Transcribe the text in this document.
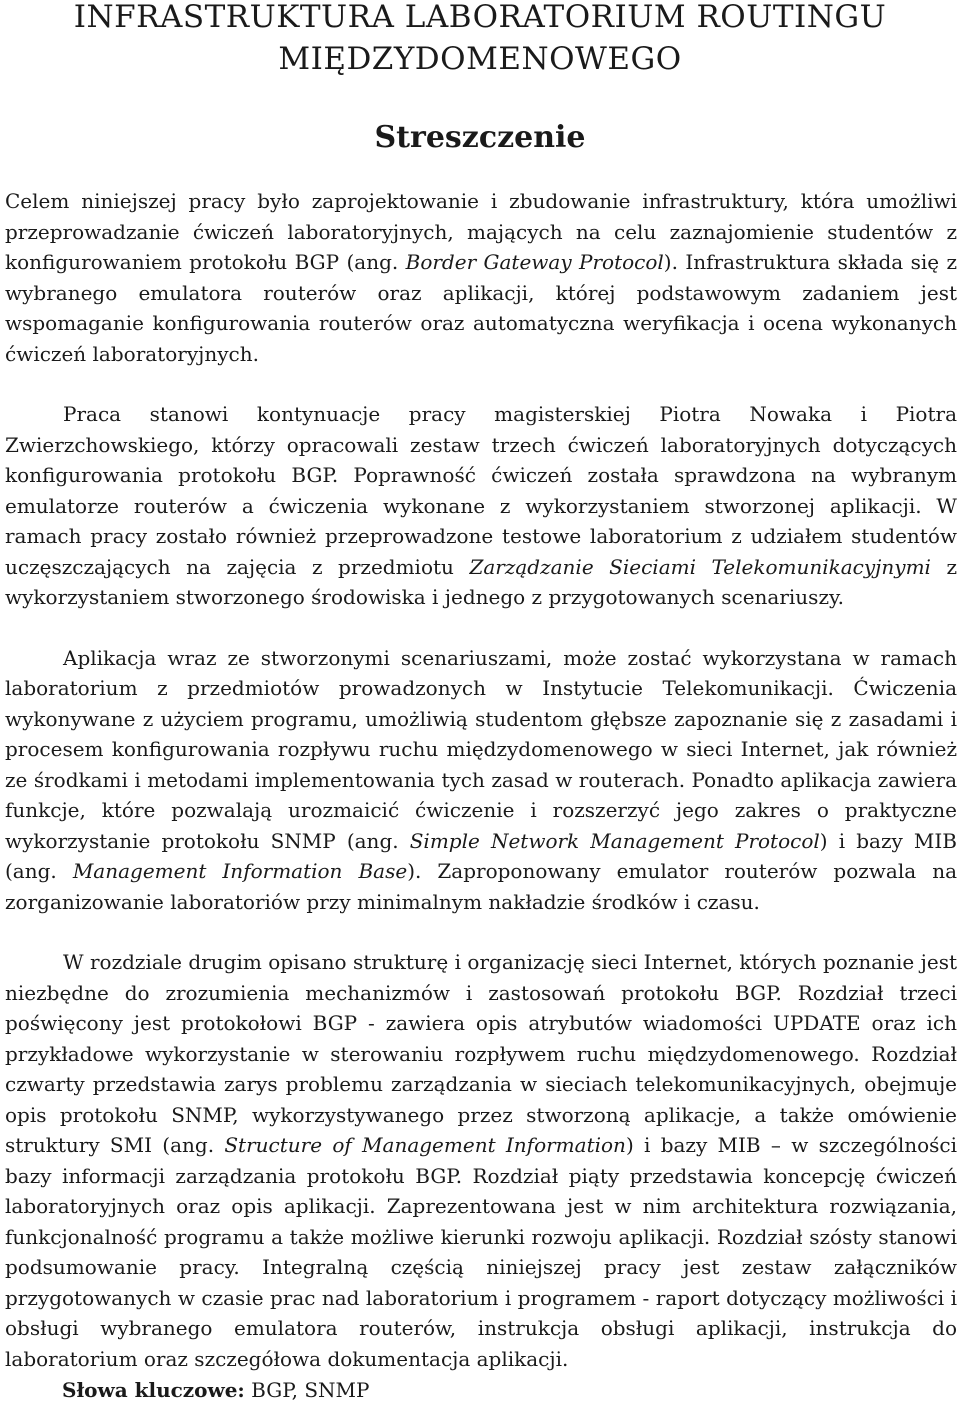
INFRASTRUKTURA LABORATORIUM ROUTINGU
MIĘDZYDOMENOWEGO
Streszczenie

Celem niniejszej pracy było zaprojektowanie i zbudowanie infrastruktury, która umożliwi przeprowadzanie ćwiczeń laboratoryjnych, mających na celu zaznajomienie studentów z konfigurowaniem protokołu BGP (ang. Border Gateway Protocol). Infrastruktura składa się z wybranego emulatora routerów oraz aplikacji, której podstawowym zadaniem jest wspomaganie konfigurowania routerów oraz automatyczna weryfikacja i ocena wykonanych ćwiczeń laboratoryjnych.

Praca stanowi kontynuacje pracy magisterskiej Piotra Nowaka i Piotra Zwierzchowskiego, którzy opracowali zestaw trzech ćwiczeń laboratoryjnych dotyczących konfigurowania protokołu BGP. Poprawność ćwiczeń została sprawdzona na wybranym emulatorze routerów a ćwiczenia wykonane z wykorzystaniem stworzonej aplikacji. W ramach pracy zostało również przeprowadzone testowe laboratorium z udziałem studentów uczęszczających na zajęcia z przedmiotu Zarządzanie Sieciami Telekomunikacyjnymi z wykorzystaniem stworzonego środowiska i jednego z przygotowanych scenariuszy.

Aplikacja wraz ze stworzonymi scenariuszami, może zostać wykorzystana w ramach laboratorium z przedmiotów prowadzonych w Instytucie Telekomunikacji. Ćwiczenia wykonywane z użyciem programu, umożliwią studentom głębsze zapoznanie się z zasadami i procesem konfigurowania rozpływu ruchu międzydomenowego w sieci Internet, jak również ze środkami i metodami implementowania tych zasad w routerach. Ponadto aplikacja zawiera funkcje, które pozwalają urozmaicić ćwiczenie i rozszerzyć jego zakres o praktyczne wykorzystanie protokołu SNMP (ang. Simple Network Management Protocol) i bazy MIB (ang. Management Information Base). Zaproponowany emulator routerów pozwala na zorganizowanie laboratoriów przy minimalnym nakładzie środków i czasu.

W rozdziale drugim opisano strukturę i organizację sieci Internet, których poznanie jest niezbędne do zrozumienia mechanizmów i zastosowań protokołu BGP. Rozdział trzeci poświęcony jest protokołowi BGP - zawiera opis atrybutów wiadomości UPDATE oraz ich przykładowe wykorzystanie w sterowaniu rozpływem ruchu międzydomenowego. Rozdział czwarty przedstawia zarys problemu zarządzania w sieciach telekomunikacyjnych, obejmuje opis protokołu SNMP, wykorzystywanego przez stworzoną aplikacje, a także omówienie struktury SMI (ang. Structure of Management Information) i bazy MIB – w szczególności bazy informacji zarządzania protokołu BGP. Rozdział piąty przedstawia koncepcję ćwiczeń laboratoryjnych oraz opis aplikacji. Zaprezentowana jest w nim architektura rozwiązania, funkcjonalność programu a także możliwe kierunki rozwoju aplikacji. Rozdział szósty stanowi podsumowanie pracy. Integralną częścią niniejszej pracy jest zestaw załączników przygotowanych w czasie prac nad laboratorium i programem - raport dotyczący możliwości i obsługi wybranego emulatora routerów, instrukcja obsługi aplikacji, instrukcja do laboratorium oraz szczegółowa dokumentacja aplikacji.

Słowa kluczowe: BGP, SNMP
